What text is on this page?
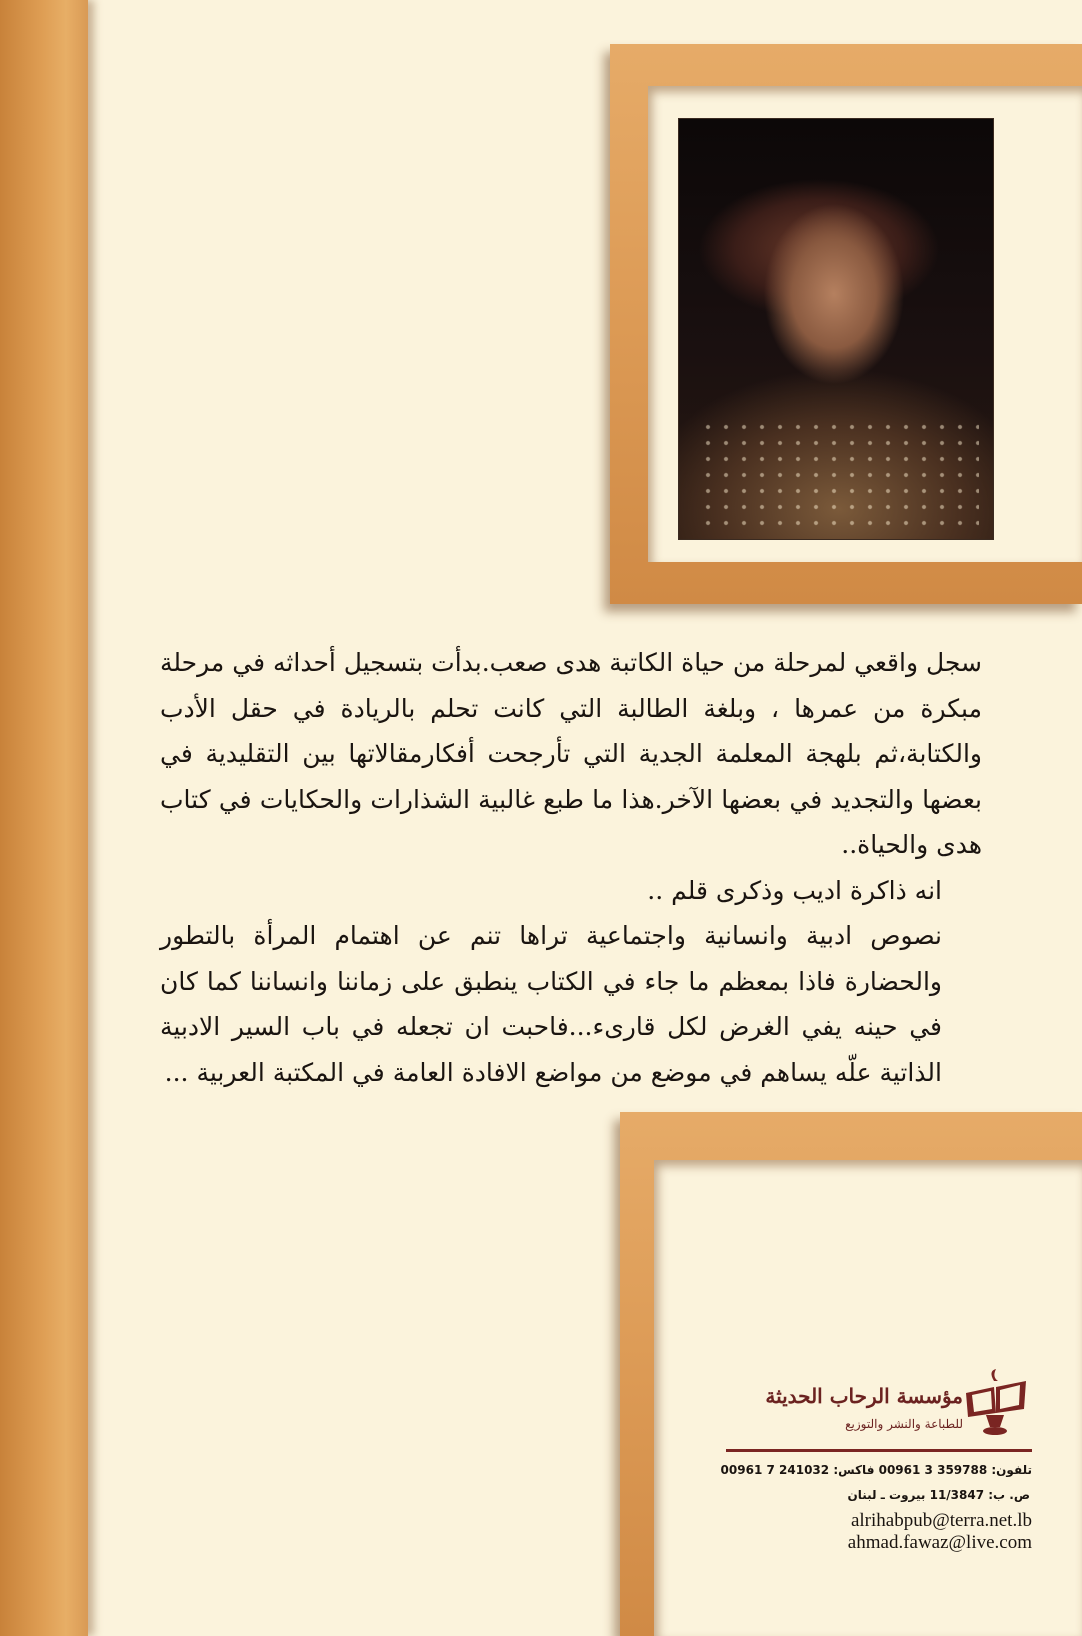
سجل واقعي لمرحلة من حياة الكاتبة هدى صعب.بدأت بتسجيل أحداثه في مرحلة مبكرة من عمرها ، وبلغة الطالبة التي كانت تحلم بالريادة في حقل الأدب والكتابة،ثم بلهجة المعلمة الجدية التي تأرجحت أفكارمقالاتها بين التقليدية في بعضها والتجديد في بعضها الآخر.هذا ما طبع غالبية الشذارات والحكايات في كتاب هدى والحياة..

انه ذاكرة اديب وذكرى قلم ..

نصوص ادبية وانسانية واجتماعية تراها تنم عن اهتمام المرأة بالتطور والحضارة فاذا بمعظم ما جاء في الكتاب ينطبق على زماننا وانساننا كما كان في حينه يفي الغرض لكل قارىء...فاحبت ان تجعله في باب السير الادبية الذاتية علّه يساهم في موضع من مواضع الافادة العامة في المكتبة العربية ...

مؤسسة الرحاب الحديثة
للطباعة والنشر والتوزيع
تلفون: 359788 3 00961 فاكس: 241032 7 00961
ص. ب: 11/3847 بيروت ـ لبنان
alrihabpub@terra.net.lb
ahmad.fawaz@live.com
